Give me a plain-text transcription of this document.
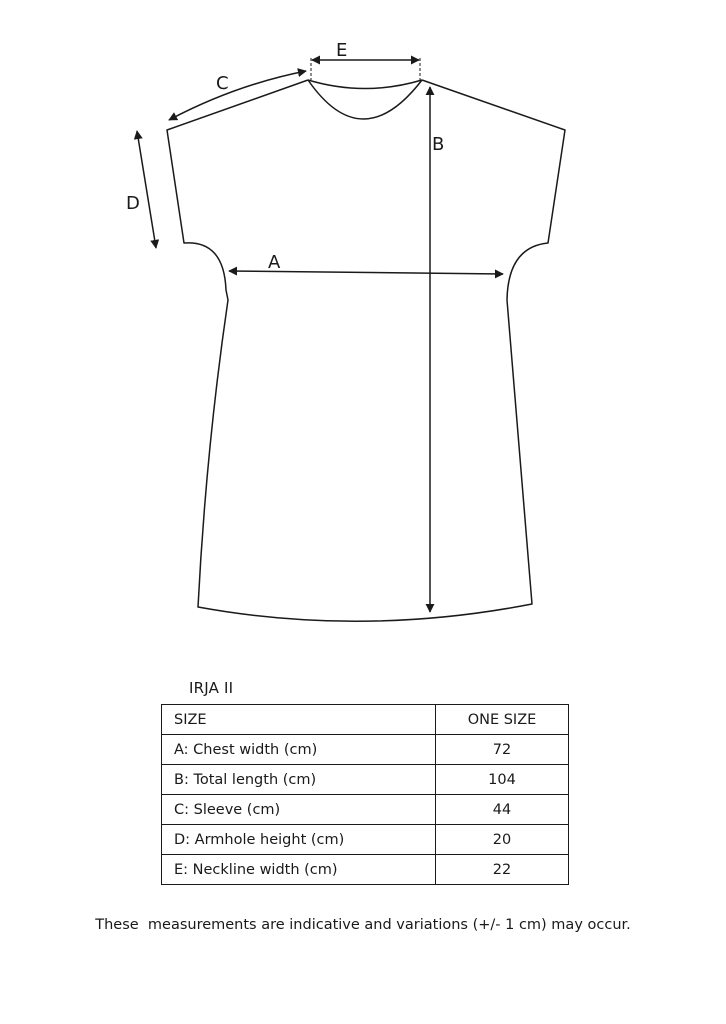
E
C
D
B
A
IRJA II
SIZE	ONE SIZE
A: Chest width (cm)	72
B: Total length (cm)	104
C: Sleeve (cm)	44
D: Armhole height (cm)	20
E: Neckline width (cm)	22
These  measurements are indicative and variations (+/- 1 cm) may occur.
